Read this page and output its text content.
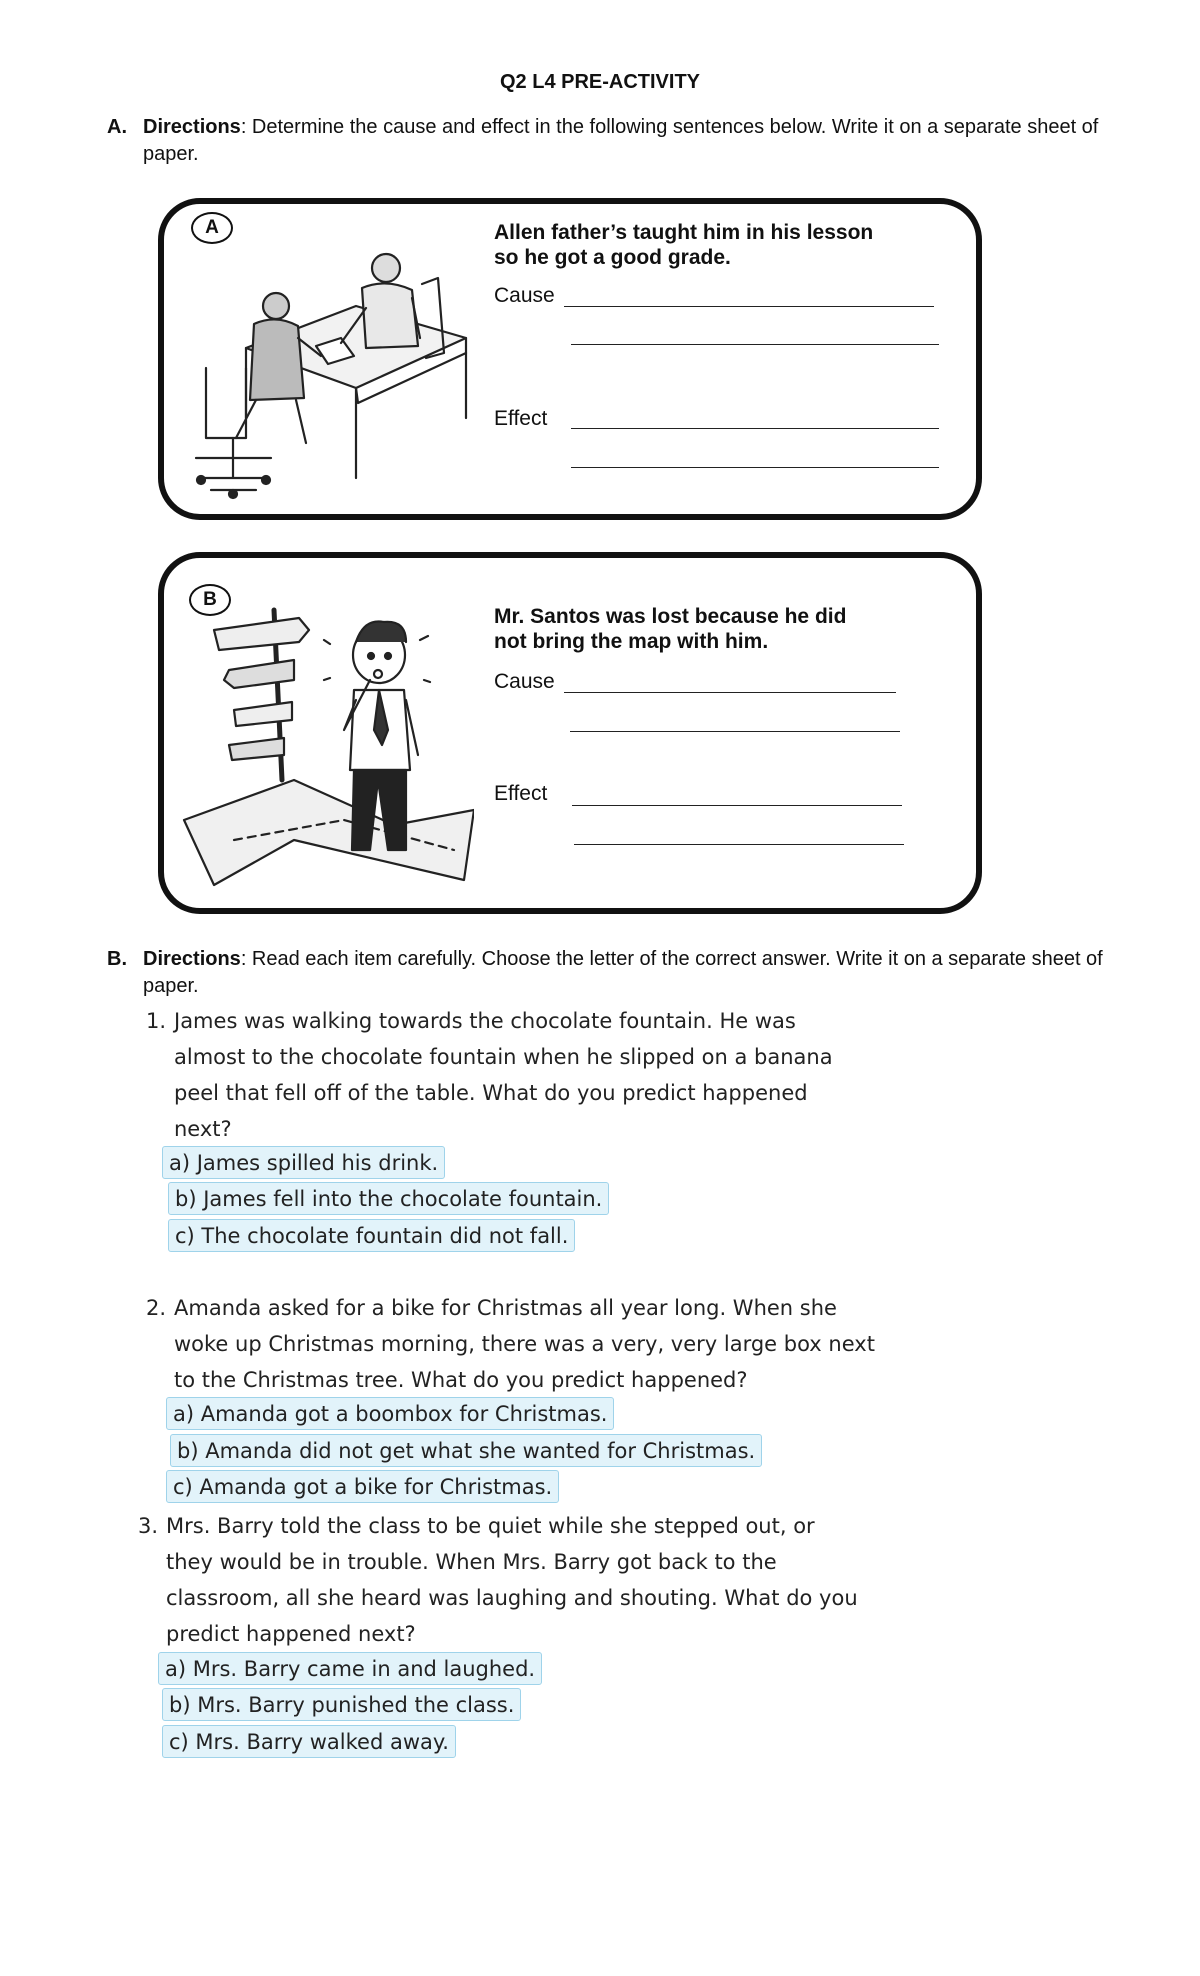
Q2 L4 PRE-ACTIVITY
A. Directions: Determine the cause and effect in the following sentences below. Write it on a separate sheet of paper.
A	Allen father’s taught him in his lesson
so he got a good grade.
Cause
Effect
B
Mr. Santos was lost because he did
not bring the map with him.
Cause
Effect
B. Directions: Read each item carefully. Choose the letter of the correct answer. Write it on a separate sheet of paper.
1. James was walking towards the chocolate fountain. He was
almost to the chocolate fountain when he slipped on a banana
peel that fell off of the table. What do you predict happened
next?
a) James spilled his drink.
b) James fell into the chocolate fountain.
c) The chocolate fountain did not fall.
2. Amanda asked for a bike for Christmas all year long. When she
woke up Christmas morning, there was a very, very large box next
to the Christmas tree. What do you predict happened?
a) Amanda got a boombox for Christmas.
b) Amanda did not get what she wanted for Christmas.
c) Amanda got a bike for Christmas.
3. Mrs. Barry told the class to be quiet while she stepped out, or
they would be in trouble. When Mrs. Barry got back to the
classroom, all she heard was laughing and shouting. What do you
predict happened next?
a) Mrs. Barry came in and laughed.
b) Mrs. Barry punished the class.
c) Mrs. Barry walked away.
